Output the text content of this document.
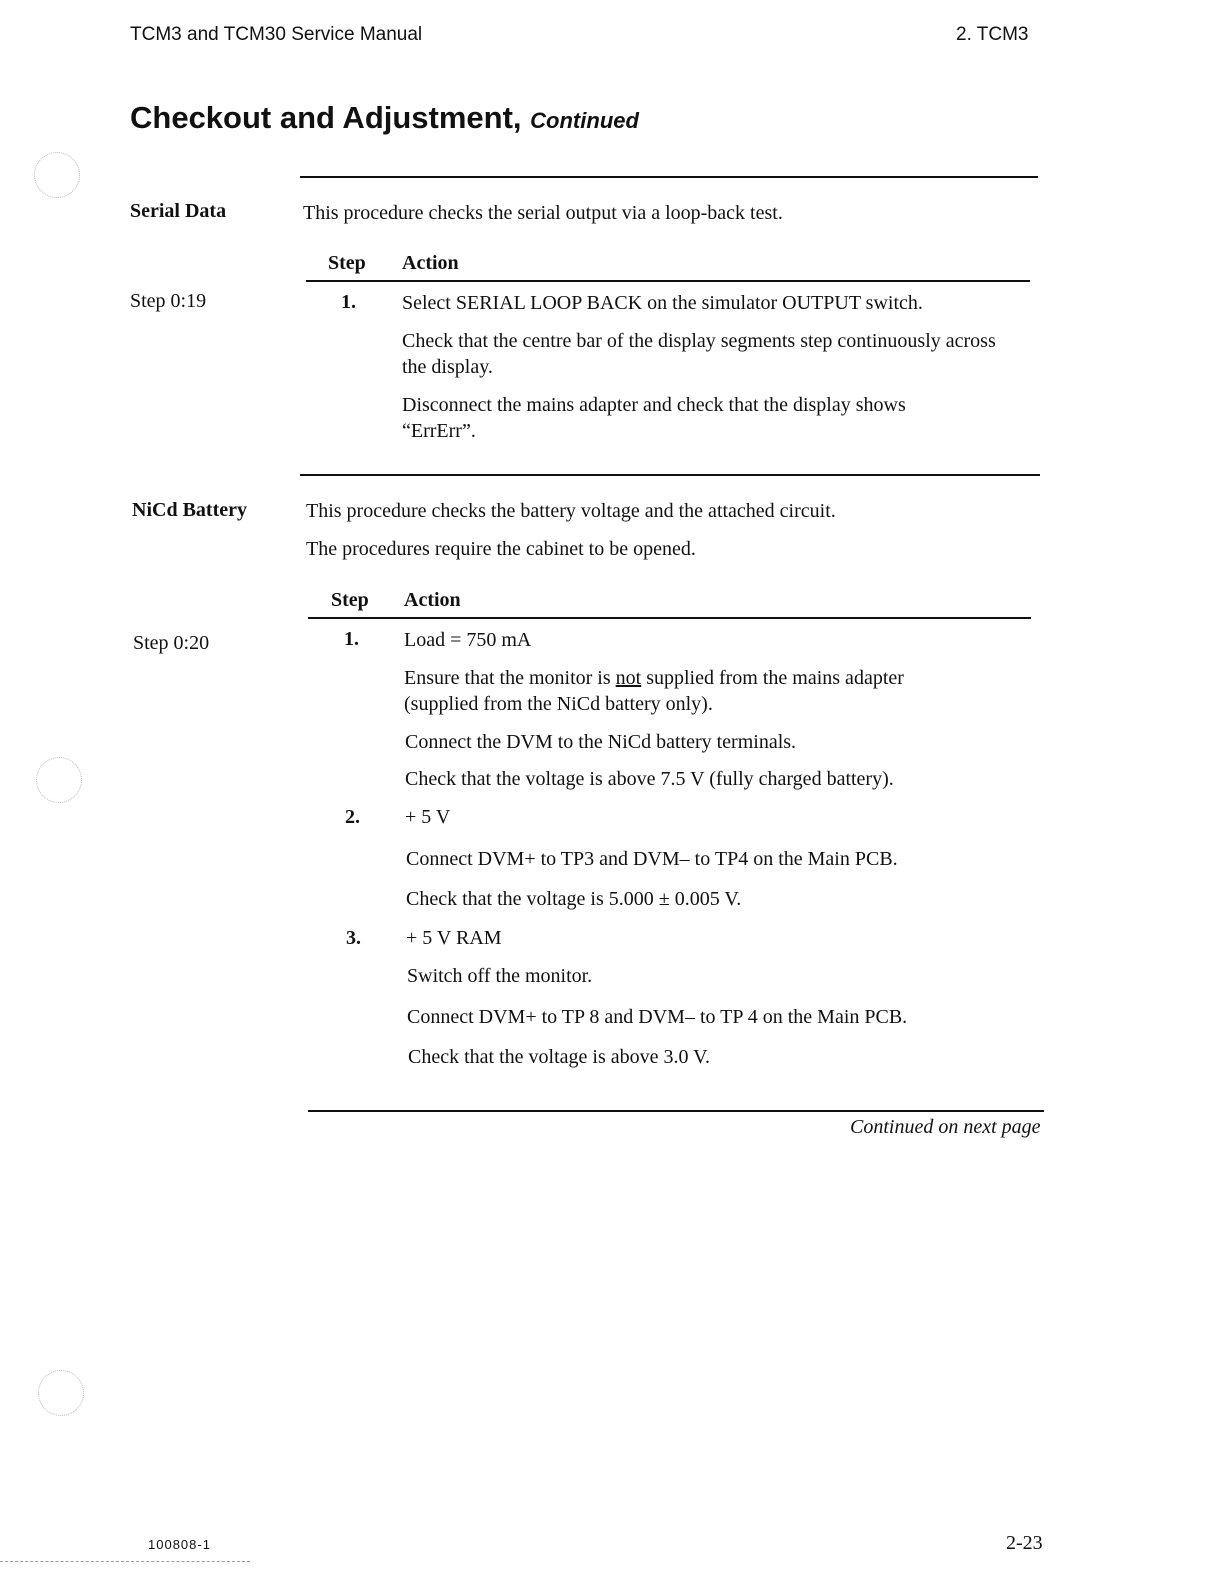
TCM3 and TCM30 Service Manual	2. TCM3
Checkout and Adjustment, Continued
Serial Data	This procedure checks the serial output via a loop-back test.
Step Action
Step 0:19	1. Select SERIAL LOOP BACK on the simulator OUTPUT switch.
Check that the centre bar of the display segments step continuously across the display.
Disconnect the mains adapter and check that the display shows “ErrErr”.
NiCd Battery	This procedure checks the battery voltage and the attached circuit.
The procedures require the cabinet to be opened.
Step Action
Step 0:20	1. Load = 750 mA
Ensure that the monitor is not supplied from the mains adapter (supplied from the NiCd battery only).
Connect the DVM to the NiCd battery terminals.
Check that the voltage is above 7.5 V (fully charged battery).
2. + 5 V
Connect DVM+ to TP3 and DVM– to TP4 on the Main PCB.
Check that the voltage is 5.000 ± 0.005 V.
3. + 5 V RAM
Switch off the monitor.
Connect DVM+ to TP 8 and DVM– to TP 4 on the Main PCB.
Check that the voltage is above 3.0 V.
Continued on next page
100808-1	2-23
